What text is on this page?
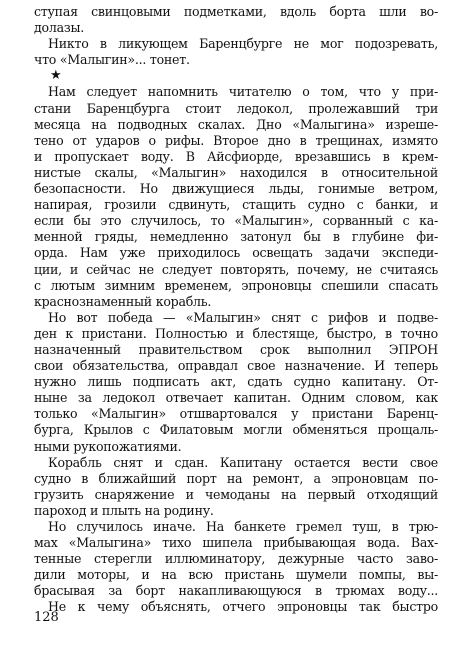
ступая свинцовыми подметками, вдоль борта шли во-
долазы.
Никто в ликующем Баренцбурге не мог подозревать,
что «Малыгин»... тонет.
★
Нам следует напомнить читателю о том, что у при-
стани Баренцбурга стоит ледокол, пролежавший три
месяца на подводных скалах. Дно «Малыгина» изреше-
тено от ударов о рифы. Второе дно в трещинах, измято
и пропускает воду. В Айсфиорде, врезавшись в крем-
нистые скалы, «Малыгин» находился в относительной
безопасности. Но движущиеся льды, гонимые ветром,
напирая, грозили сдвинуть, стащить судно с банки, и
если бы это случилось, то «Малыгин», сорванный с ка-
менной гряды, немедленно затонул бы в глубине фи-
орда. Нам уже приходилось освещать задачи экспеди-
ции, и сейчас не следует повторять, почему, не считаясь
с лютым зимним временем, эпроновцы спешили спасать
краснознаменный корабль.
Но вот победа — «Малыгин» снят с рифов и подве-
ден к пристани. Полностью и блестяще, быстро, в точно
назначенный правительством срок выполнил ЭПРОН
свои обязательства, оправдал свое назначение. И теперь
нужно лишь подписать акт, сдать судно капитану. От-
ныне за ледокол отвечает капитан. Одним словом, как
только «Малыгин» отшвартовался у пристани Баренц-
бурга, Крылов с Филатовым могли обменяться прощаль-
ными рукопожатиями.
Корабль снят и сдан. Капитану остается вести свое
судно в ближайший порт на ремонт, а эпроновцам по-
грузить снаряжение и чемоданы на первый отходящий
пароход и плыть на родину.
Но случилось иначе. На банкете гремел туш, в трю-
мах «Малыгина» тихо шипела прибывающая вода. Вах-
тенные стерегли иллюминатору, дежурные часто заво-
дили моторы, и на всю пристань шумели помпы, вы-
брасывая за борт накапливающуюся в трюмах воду...
Не к чему объяснять, отчего эпроновцы так быстро
128
